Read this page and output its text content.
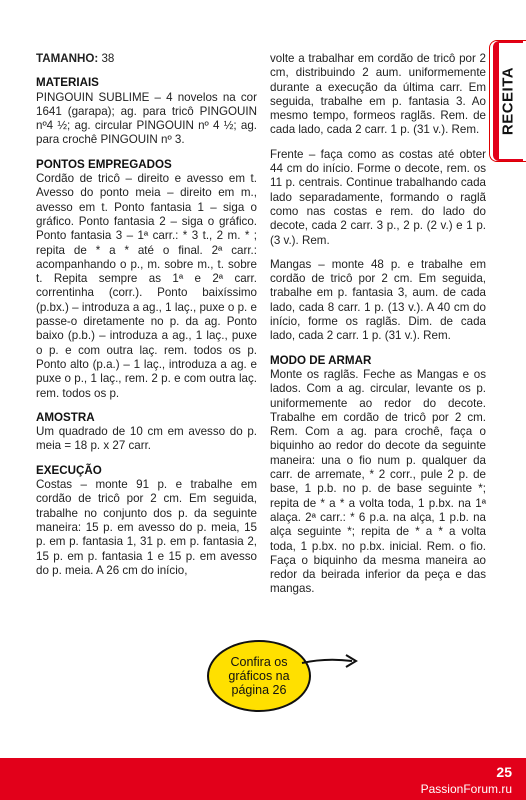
TAMANHO: 38

MATERIAIS

PINGOUIN SUBLIME – 4 novelos na cor 1641 (garapa); ag. para tricô PINGOUIN nº4 ½; ag. circular PINGOUIN nº 4 ½; ag. para crochê PINGOUIN nº 3.

PONTOS EMPREGADOS

Cordão de tricô – direito e avesso em t. Avesso do ponto meia – direito em m., avesso em t. Ponto fantasia 1 – siga o gráfico. Ponto fantasia 2 – siga o gráfico. Ponto fantasia 3 – 1ª carr.: * 3 t., 2 m. * ; repita de * a * até o final. 2ª carr.: acompanhando o p., m. sobre m., t. sobre t. Repita sempre as 1ª e 2ª carr. correntinha (corr.). Ponto baixíssimo (p.bx.) – introduza a ag., 1 laç., puxe o p. e passe-o diretamente no p. da ag. Ponto baixo (p.b.) – introduza a ag., 1 laç., puxe o p. e com outra laç. rem. todos os p. Ponto alto (p.a.) – 1 laç., introduza a ag. e puxe o p., 1 laç., rem. 2 p. e com outra laç. rem. todos os p.

AMOSTRA

Um quadrado de 10 cm em avesso do p. meia = 18 p. x 27 carr.

EXECUÇÃO

Costas – monte 91 p. e trabalhe em cordão de tricô por 2 cm. Em seguida, trabalhe no conjunto dos p. da seguinte maneira: 15 p. em avesso do p. meia, 15 p. em p. fantasia 1, 31 p. em p. fantasia 2, 15 p. em p. fantasia 1 e 15 p. em avesso do p. meia. A 26 cm do início,

volte a trabalhar em cordão de tricô por 2 cm, distribuindo 2 aum. uniformemente durante a execução da última carr. Em seguida, trabalhe em p. fantasia 3. Ao mesmo tempo, formeos raglãs. Rem. de cada lado, cada 2 carr. 1 p. (31 v.). Rem.

Frente – faça como as costas até obter 44 cm do início. Forme o decote, rem. os 11 p. centrais. Continue trabalhando cada lado separadamente, formando o raglã como nas costas e rem. do lado do decote, cada 2 carr. 3 p., 2 p. (2 v.) e 1 p. (3 v.). Rem.

Mangas – monte 48 p. e trabalhe em cordão de tricô por 2 cm. Em seguida, trabalhe em p. fantasia 3, aum. de cada lado, cada 8 carr. 1 p. (13 v.). A 40 cm do início, forme os raglãs. Dim. de cada lado, cada 2 carr. 1 p. (31 v.). Rem.

MODO DE ARMAR

Monte os raglãs. Feche as Mangas e os lados. Com a ag. circular, levante os p. uniformemente ao redor do decote. Trabalhe em cordão de tricô por 2 cm. Rem. Com a ag. para crochê, faça o biquinho ao redor do decote da seguinte maneira: una o fio num p. qualquer da carr. de arremate, * 2 corr., pule 2 p. de base, 1 p.b. no p. de base seguinte *; repita de * a * a volta toda, 1 p.bx. na 1ª alaça. 2ª carr.: * 6 p.a. na alça, 1 p.b. na alça seguinte *; repita de * a * a volta toda, 1 p.bx. no p.bx. inicial. Rem. o fio. Faça o biquinho da mesma maneira ao redor da beirada inferior da peça e das mangas.

RECEITA
Confira os gráficos na página 26
25
PassionForum.ru
